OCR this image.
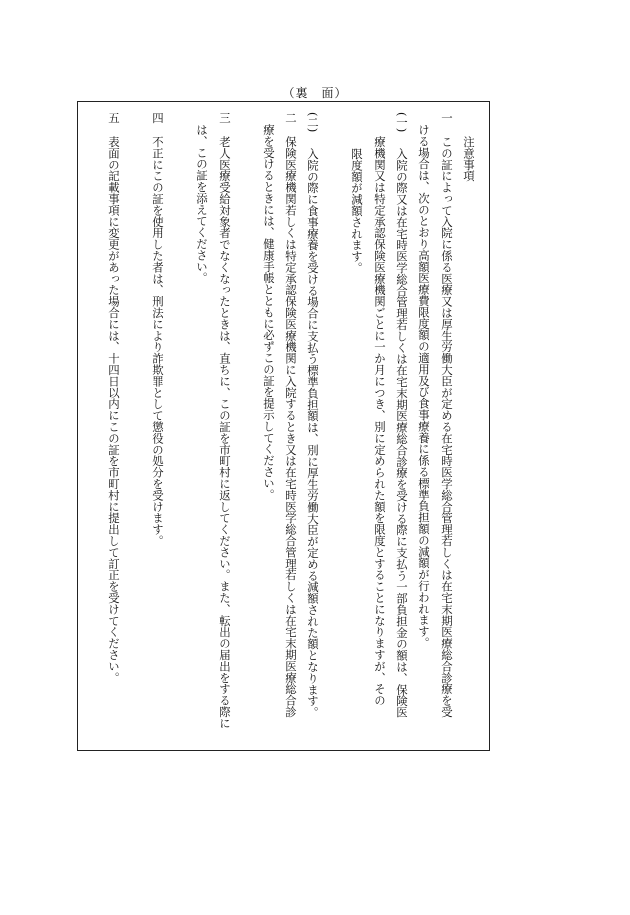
（裏　面）
注意事項
一
この証によって入院に係る医療又は厚生労働大臣が定める在宅時医学総合管理若しくは在宅末期医療総合診療を受
ける場合は、次のとおり高額医療費限度額の適用及び食事療養に係る標準負担額の減額が行われます。
(一)
入院の際又は在宅時医学総合管理若しくは在宅末期医療総合診療を受ける際に支払う一部負担金の額は、保険医
療機関又は特定承認保険医療機関ごとに一か月につき、別に定められた額を限度とすることになりますが、その
限度額が減額されます。
(二)
入院の際に食事療養を受ける場合に支払う標準負担額は、別に厚生労働大臣が定める減額された額となります。
二
保険医療機関若しくは特定承認保険医療機関に入院するとき又は在宅時医学総合管理若しくは在宅末期医療総合診
療を受けるときには、健康手帳とともに必ずこの証を提示してください。
三
老人医療受給対象者でなくなったときは、直ちに、この証を市町村に返してください。また、転出の届出をする際に
は、この証を添えてください。
四
不正にこの証を使用した者は、刑法により詐欺罪として懲役の処分を受けます。
五
表面の記載事項に変更があった場合には、十四日以内にこの証を市町村に提出して訂正を受けてください。
